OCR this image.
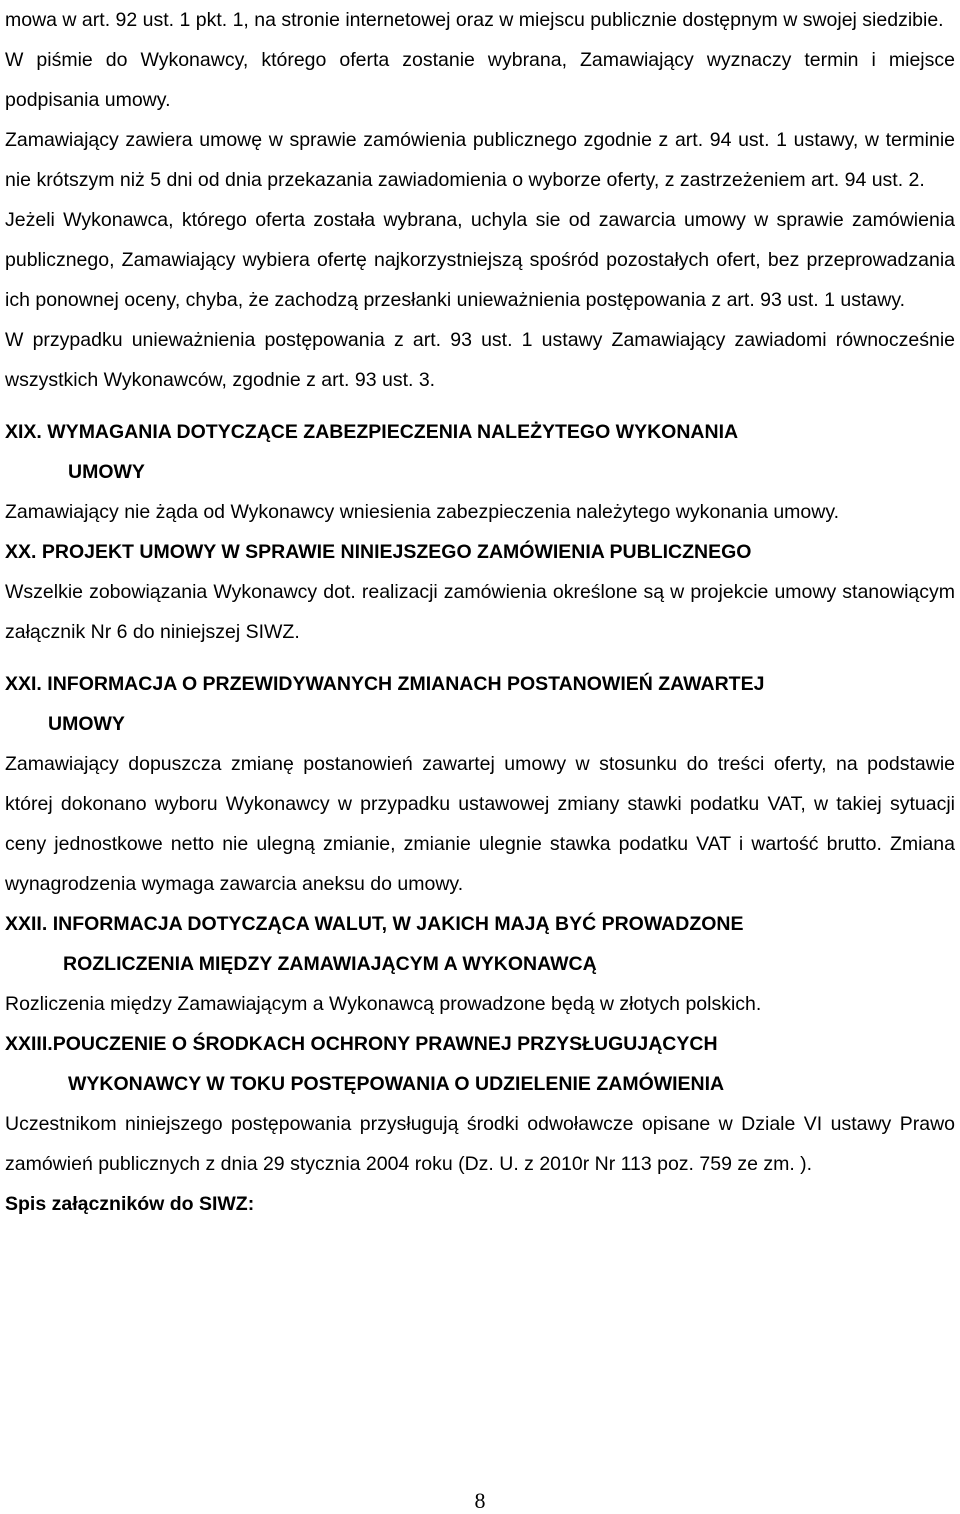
mowa w art. 92 ust. 1 pkt. 1, na stronie internetowej oraz w miejscu publicznie dostępnym w swojej siedzibie.

W piśmie do Wykonawcy, którego oferta zostanie wybrana, Zamawiający wyznaczy termin i miejsce podpisania umowy.

Zamawiający zawiera umowę w sprawie zamówienia publicznego zgodnie z art. 94 ust. 1 ustawy, w terminie nie krótszym niż 5 dni od dnia przekazania zawiadomienia o wyborze oferty, z zastrzeżeniem art. 94 ust. 2.

Jeżeli Wykonawca, którego oferta została wybrana, uchyla sie od zawarcia umowy w sprawie zamówienia publicznego, Zamawiający wybiera ofertę najkorzystniejszą spośród pozostałych ofert, bez przeprowadzania ich ponownej oceny, chyba, że zachodzą przesłanki unieważnienia postępowania z art. 93 ust. 1 ustawy.

W przypadku unieważnienia postępowania z art. 93 ust. 1 ustawy Zamawiający zawiadomi równocześnie wszystkich Wykonawców, zgodnie z art. 93 ust. 3.

XIX. WYMAGANIA DOTYCZĄCE ZABEZPIECZENIA NALEŻYTEGO WYKONANIA
UMOWY

Zamawiający nie żąda od Wykonawcy wniesienia zabezpieczenia należytego wykonania umowy.

XX. PROJEKT UMOWY W SPRAWIE NINIEJSZEGO ZAMÓWIENIA PUBLICZNEGO

Wszelkie zobowiązania Wykonawcy dot. realizacji zamówienia określone są w projekcie umowy stanowiącym załącznik Nr 6 do niniejszej SIWZ.

XXI. INFORMACJA O PRZEWIDYWANYCH ZMIANACH POSTANOWIEŃ ZAWARTEJ
UMOWY

Zamawiający dopuszcza zmianę postanowień zawartej umowy w stosunku do treści oferty, na podstawie której dokonano wyboru Wykonawcy w przypadku ustawowej zmiany stawki podatku VAT, w takiej sytuacji ceny jednostkowe netto nie ulegną zmianie, zmianie ulegnie stawka podatku VAT i wartość brutto. Zmiana wynagrodzenia wymaga zawarcia aneksu do umowy.

XXII. INFORMACJA DOTYCZĄCA WALUT, W JAKICH MAJĄ BYĆ PROWADZONE
ROZLICZENIA MIĘDZY ZAMAWIAJĄCYM A WYKONAWCĄ

Rozliczenia między Zamawiającym a Wykonawcą prowadzone będą w złotych polskich.

XXIII.POUCZENIE O ŚRODKACH OCHRONY PRAWNEJ PRZYSŁUGUJĄCYCH
WYKONAWCY W TOKU POSTĘPOWANIA O UDZIELENIE ZAMÓWIENIA

Uczestnikom niniejszego postępowania przysługują środki odwoławcze opisane w Dziale VI ustawy Prawo zamówień publicznych z dnia 29 stycznia 2004 roku (Dz. U. z 2010r Nr 113 poz. 759 ze zm. ).

Spis załączników do SIWZ:
8
